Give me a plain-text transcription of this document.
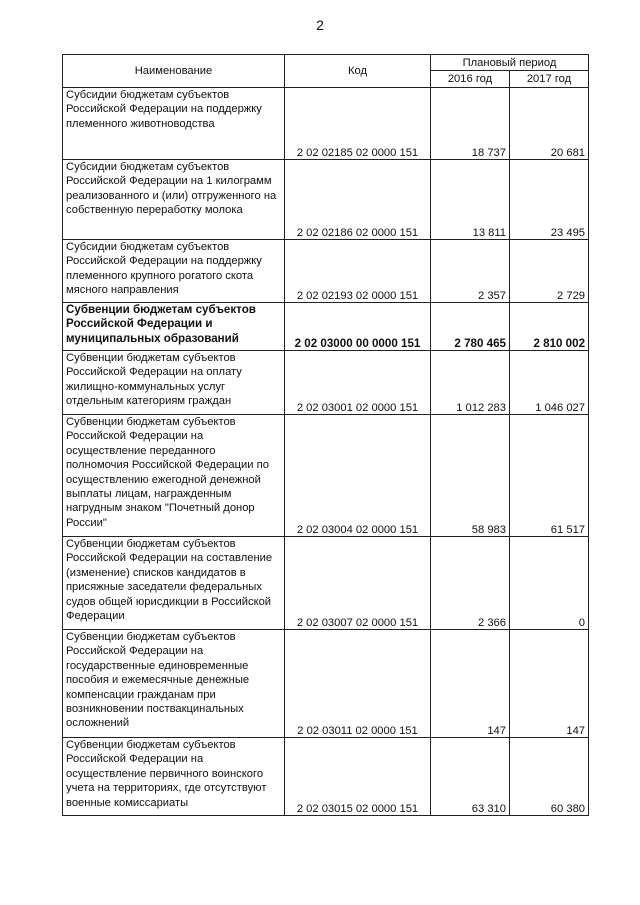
2
Наименование	Код	Плановый период	
		2016 год	2017 год
Субсидии бюджетам субъектов Российской Федерации на поддержку племенного животноводства	2 02 02185 02 0000 151	18 737	20 681
Субсидии бюджетам субъектов Российской Федерации на 1 килограмм реализованного и (или) отгруженного на собственную переработку молока	2 02 02186 02 0000 151	13 811	23 495
Субсидии бюджетам субъектов Российской Федерации на поддержку племенного крупного рогатого скота мясного направления	2 02 02193 02 0000 151	2 357	2 729
Субвенции бюджетам субъектов Российской Федерации и муниципальных образований	2 02 03000 00 0000 151	2 780 465	2 810 002
Субвенции бюджетам субъектов Российской Федерации на оплату жилищно-коммунальных услуг отдельным категориям граждан	2 02 03001 02 0000 151	1 012 283	1 046 027
Субвенции бюджетам субъектов Российской Федерации на осуществление переданного полномочия Российской Федерации по осуществлению ежегодной денежной выплаты лицам, награжденным нагрудным знаком "Почетный донор России"	2 02 03004 02 0000 151	58 983	61 517
Субвенции бюджетам субъектов Российской Федерации на составление (изменение) списков кандидатов в присяжные заседатели федеральных судов общей юрисдикции в Российской Федерации	2 02 03007 02 0000 151	2 366	0
Субвенции бюджетам субъектов Российской Федерации на государственные единовременные пособия и ежемесячные денежные компенсации гражданам при возникновении поствакцинальных осложнений	2 02 03011 02 0000 151	147	147
Субвенции бюджетам субъектов Российской Федерации на осуществление первичного воинского учета на территориях, где отсутствуют военные комиссариаты	2 02 03015 02 0000 151	63 310	60 380
